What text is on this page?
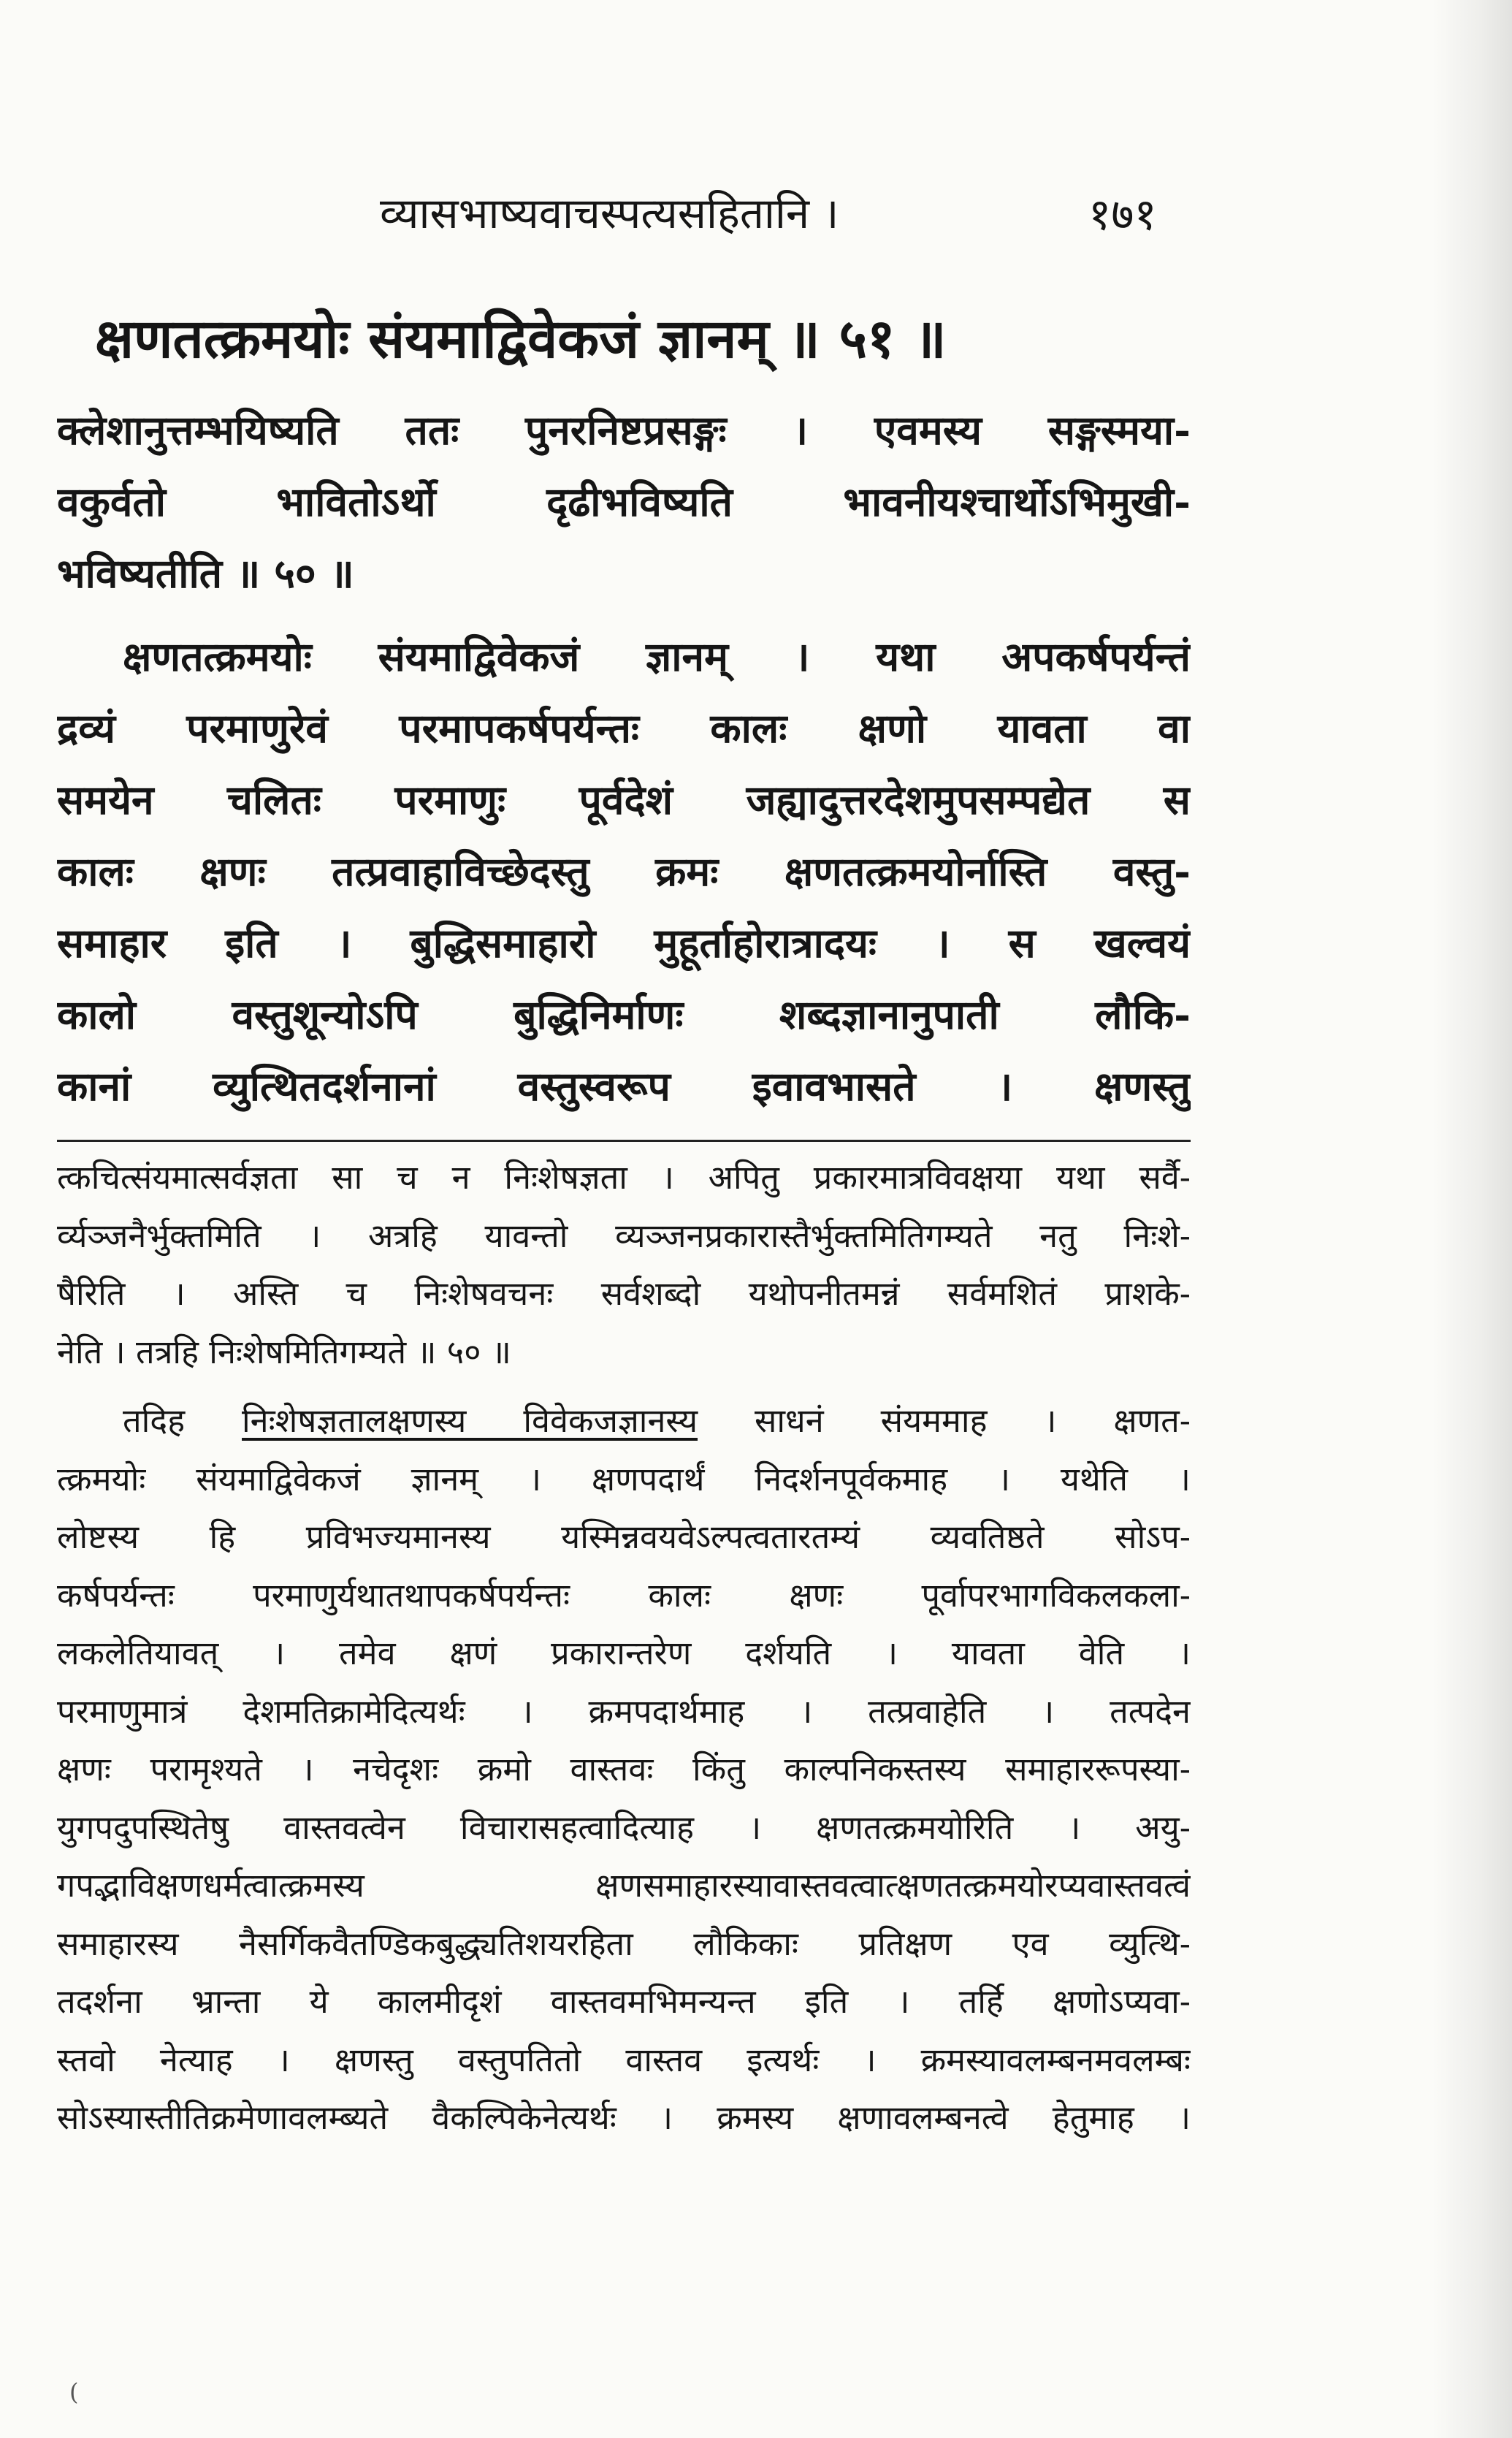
व्यासभाष्यवाचस्पत्यसहितानि ।	१७१
क्षणतत्क्रमयोः संयमाद्विवेकजं ज्ञानम् ॥ ५१ ॥
क्लेशानुत्तम्भयिष्यति ततः पुनरनिष्टप्रसङ्गः । एवमस्य सङ्गस्मया-
वकुर्वतो भावितोऽर्थो दृढीभविष्यति भावनीयश्चार्थोऽभिमुखी-
भविष्यतीति ॥ ५० ॥
क्षणतत्क्रमयोः संयमाद्विवेकजं ज्ञानम् । यथा अपकर्षपर्यन्तं
द्रव्यं परमाणुरेवं परमापकर्षपर्यन्तः कालः क्षणो यावता वा
समयेन चलितः परमाणुः पूर्वदेशं जह्यादुत्तरदेशमुपसम्पद्येत स
कालः क्षणः तत्प्रवाहाविच्छेदस्तु क्रमः क्षणतत्क्रमयोर्नास्ति वस्तु-
समाहार इति । बुद्धिसमाहारो मुहूर्ताहोरात्रादयः । स खल्वयं
कालो वस्तुशून्योऽपि बुद्धिनिर्माणः शब्दज्ञानानुपाती लौकि-
कानां व्युत्थितदर्शनानां वस्तुस्वरूप इवावभासते । क्षणस्तु
त्कचित्संयमात्सर्वज्ञता सा च न निःशेषज्ञता । अपितु प्रकारमात्रविवक्षया यथा सर्वै-
र्व्यञ्जनैर्भुक्तमिति । अत्रहि यावन्तो व्यञ्जनप्रकारास्तैर्भुक्तमितिगम्यते नतु निःशे-
षैरिति । अस्ति च निःशेषवचनः सर्वशब्दो यथोपनीतमन्नं सर्वमशितं प्राशके-
नेति । तत्रहि निःशेषमितिगम्यते ॥ ५० ॥
तदिह निःशेषज्ञतालक्षणस्य विवेकजज्ञानस्य साधनं संयममाह । क्षणत-
त्क्रमयोः संयमाद्विवेकजं ज्ञानम् । क्षणपदार्थं निदर्शनपूर्वकमाह । यथेति ।
लोष्टस्य हि प्रविभज्यमानस्य यस्मिन्नवयवेऽल्पत्वतारतम्यं व्यवतिष्ठते सोऽप-
कर्षपर्यन्तः परमाणुर्यथातथापकर्षपर्यन्तः कालः क्षणः पूर्वापरभागविकलकला-
लकलेतियावत् । तमेव क्षणं प्रकारान्तरेण दर्शयति । यावता वेति ।
परमाणुमात्रं देशमतिक्रामेदित्यर्थः । क्रमपदार्थमाह । तत्प्रवाहेति । तत्पदेन
क्षणः परामृश्यते । नचेदृशः क्रमो वास्तवः किंतु काल्पनिकस्तस्य समाहाररूपस्या-
युगपदुपस्थितेषु वास्तवत्वेन विचारासहत्वादित्याह । क्षणतत्क्रमयोरिति । अयु-
गपद्भाविक्षणधर्मत्वात्क्रमस्य क्षणसमाहारस्यावास्तवत्वात्क्षणतत्क्रमयोरप्यवास्तवत्वं
समाहारस्य नैसर्गिकवैतण्डिकबुद्ध्यतिशयरहिता लौकिकाः प्रतिक्षण एव व्युत्थि-
तदर्शना भ्रान्ता ये कालमीदृशं वास्तवमभिमन्यन्त इति । तर्हि क्षणोऽप्यवा-
स्तवो नेत्याह । क्षणस्तु वस्तुपतितो वास्तव इत्यर्थः । क्रमस्यावलम्बनमवलम्बः
सोऽस्यास्तीतिक्रमेणावलम्ब्यते वैकल्पिकेनेत्यर्थः । क्रमस्य क्षणावलम्बनत्वे हेतुमाह ।
(
